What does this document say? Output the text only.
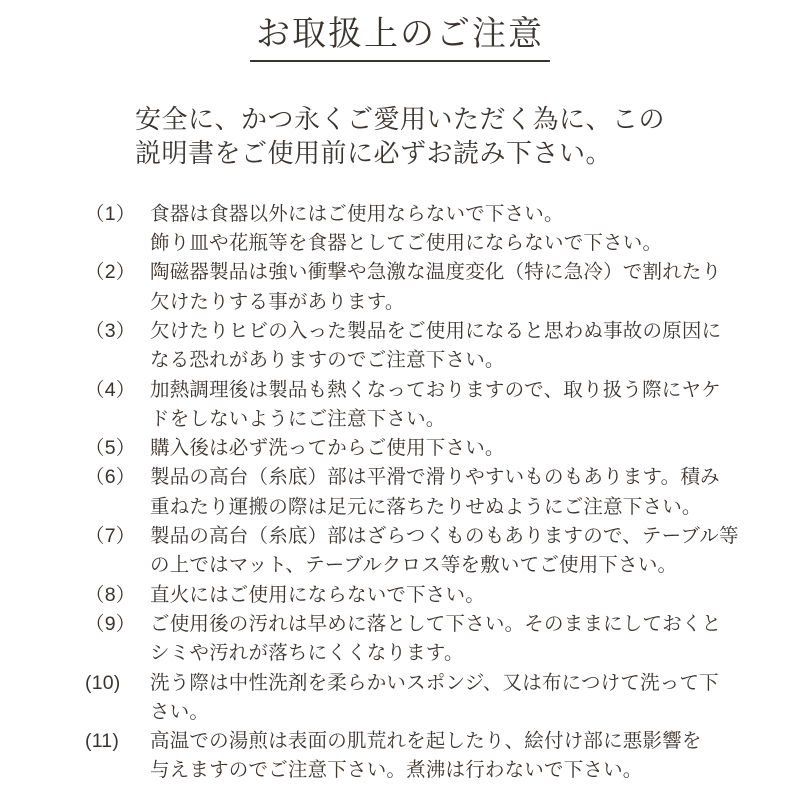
お取扱上のご注意
安全に、かつ永くご愛用いただく為に、この
説明書をご使用前に必ずお読み下さい。
（1） 食器は食器以外にはご使用ならないで下さい。
飾り皿や花瓶等を食器としてご使用にならないで下さい。
（2） 陶磁器製品は強い衝撃や急激な温度変化（特に急冷）で割れたり
欠けたりする事があります。
（3） 欠けたりヒビの入った製品をご使用になると思わぬ事故の原因に
なる恐れがありますのでご注意下さい。
（4） 加熱調理後は製品も熱くなっておりますので、取り扱う際にヤケ
ドをしないようにご注意下さい。
（5） 購入後は必ず洗ってからご使用下さい。
（6） 製品の高台（糸底）部は平滑で滑りやすいものもあります。積み
重ねたり運搬の際は足元に落ちたりせぬようにご注意下さい。
（7） 製品の高台（糸底）部はざらつくものもありますので、テーブル等
の上ではマット、テーブルクロス等を敷いてご使用下さい。
（8） 直火にはご使用にならないで下さい。
（9） ご使用後の汚れは早めに落として下さい。そのままにしておくと
シミや汚れが落ちにくくなります。
(10)	洗う際は中性洗剤を柔らかいスポンジ、又は布につけて洗って下
さい。
(11)	高温での湯煎は表面の肌荒れを起したり、絵付け部に悪影響を
与えますのでご注意下さい。煮沸は行わないで下さい。
